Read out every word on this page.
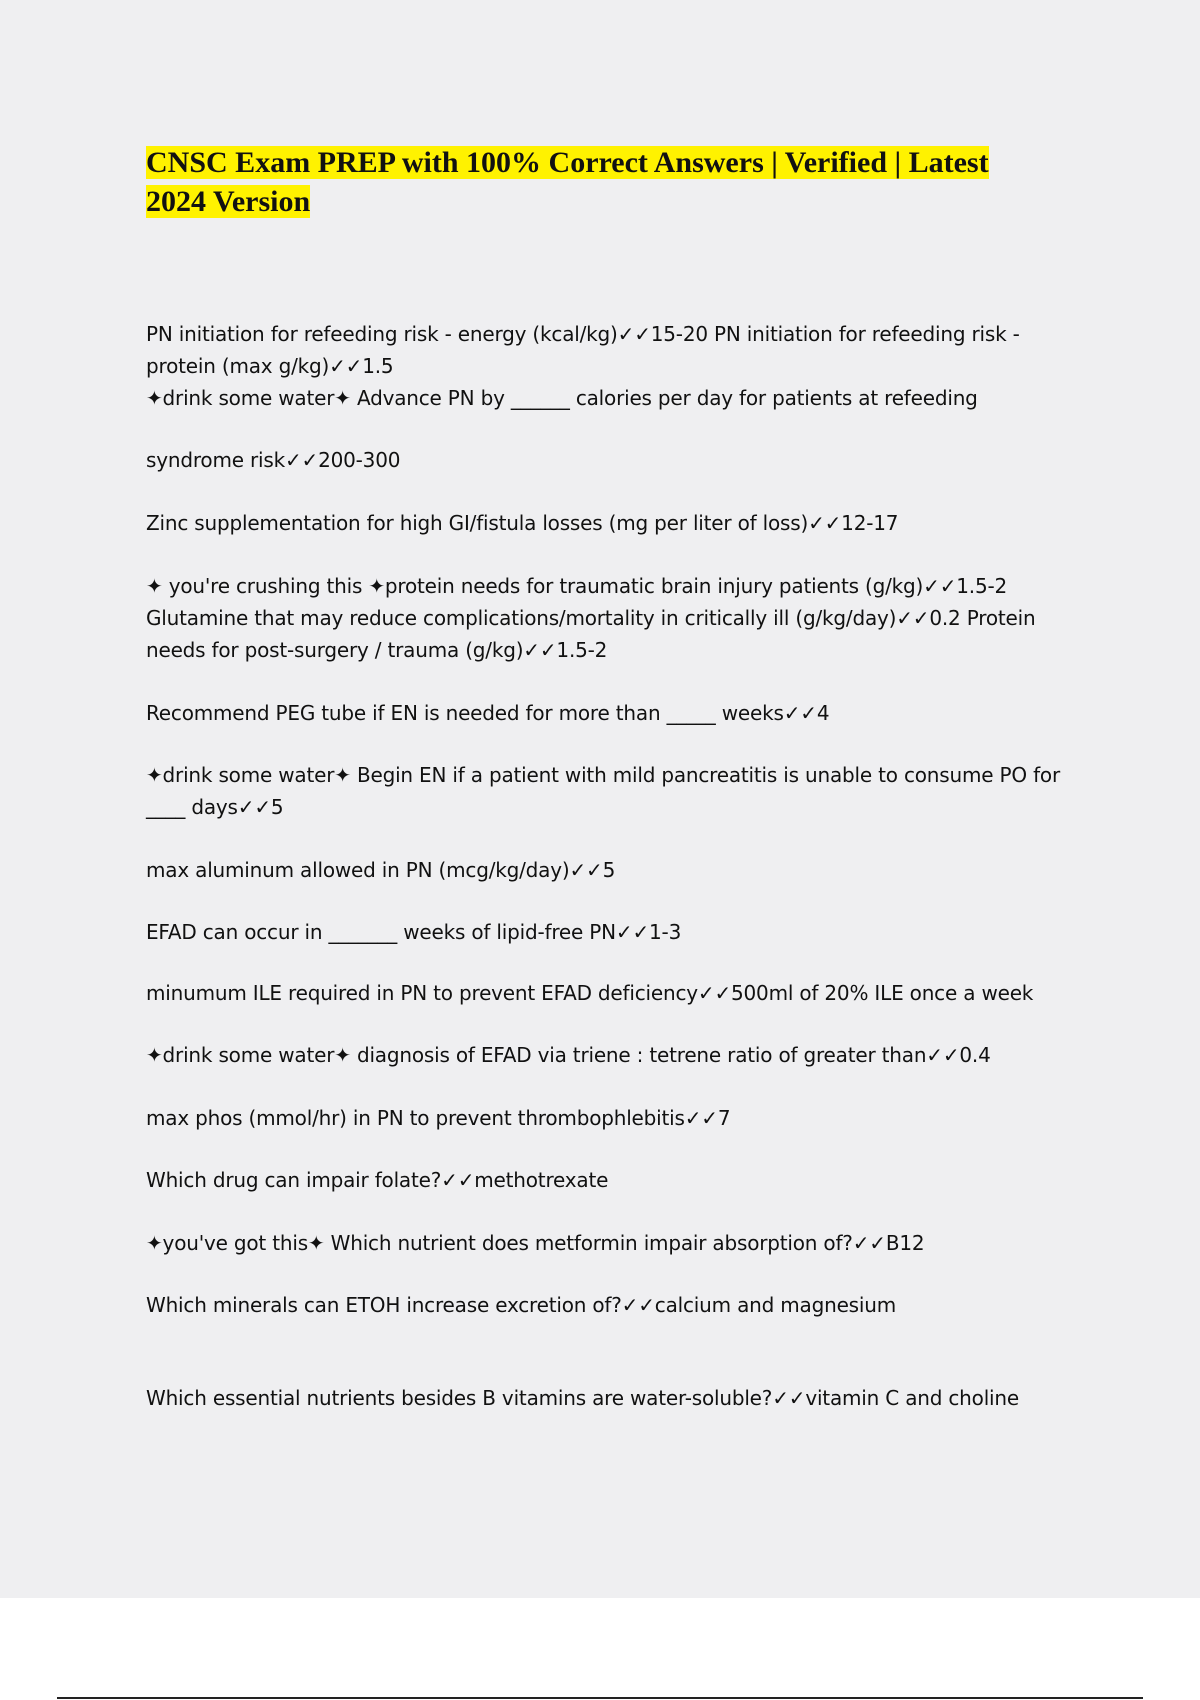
CNSC Exam PREP with 100% Correct Answers | Verified | Latest
2024 Version
PN initiation for refeeding risk - energy (kcal/kg)✓✓15-20 PN initiation for refeeding risk -
protein (max g/kg)✓✓1.5
✦drink some water✦ Advance PN by ______ calories per day for patients at refeeding
syndrome risk✓✓200-300
Zinc supplementation for high GI/fistula losses (mg per liter of loss)✓✓12-17
✦ you're crushing this ✦protein needs for traumatic brain injury patients (g/kg)✓✓1.5-2
Glutamine that may reduce complications/mortality in critically ill (g/kg/day)✓✓0.2 Protein
needs for post-surgery / trauma (g/kg)✓✓1.5-2
Recommend PEG tube if EN is needed for more than _____ weeks✓✓4
✦drink some water✦ Begin EN if a patient with mild pancreatitis is unable to consume PO for
____ days✓✓5
max aluminum allowed in PN (mcg/kg/day)✓✓5
EFAD can occur in _______ weeks of lipid-free PN✓✓1-3
minumum ILE required in PN to prevent EFAD deficiency✓✓500ml of 20% ILE once a week
✦drink some water✦ diagnosis of EFAD via triene : tetrene ratio of greater than✓✓0.4
max phos (mmol/hr) in PN to prevent thrombophlebitis✓✓7
Which drug can impair folate?✓✓methotrexate
✦you've got this✦ Which nutrient does metformin impair absorption of?✓✓B12
Which minerals can ETOH increase excretion of?✓✓calcium and magnesium
Which essential nutrients besides B vitamins are water-soluble?✓✓vitamin C and choline
